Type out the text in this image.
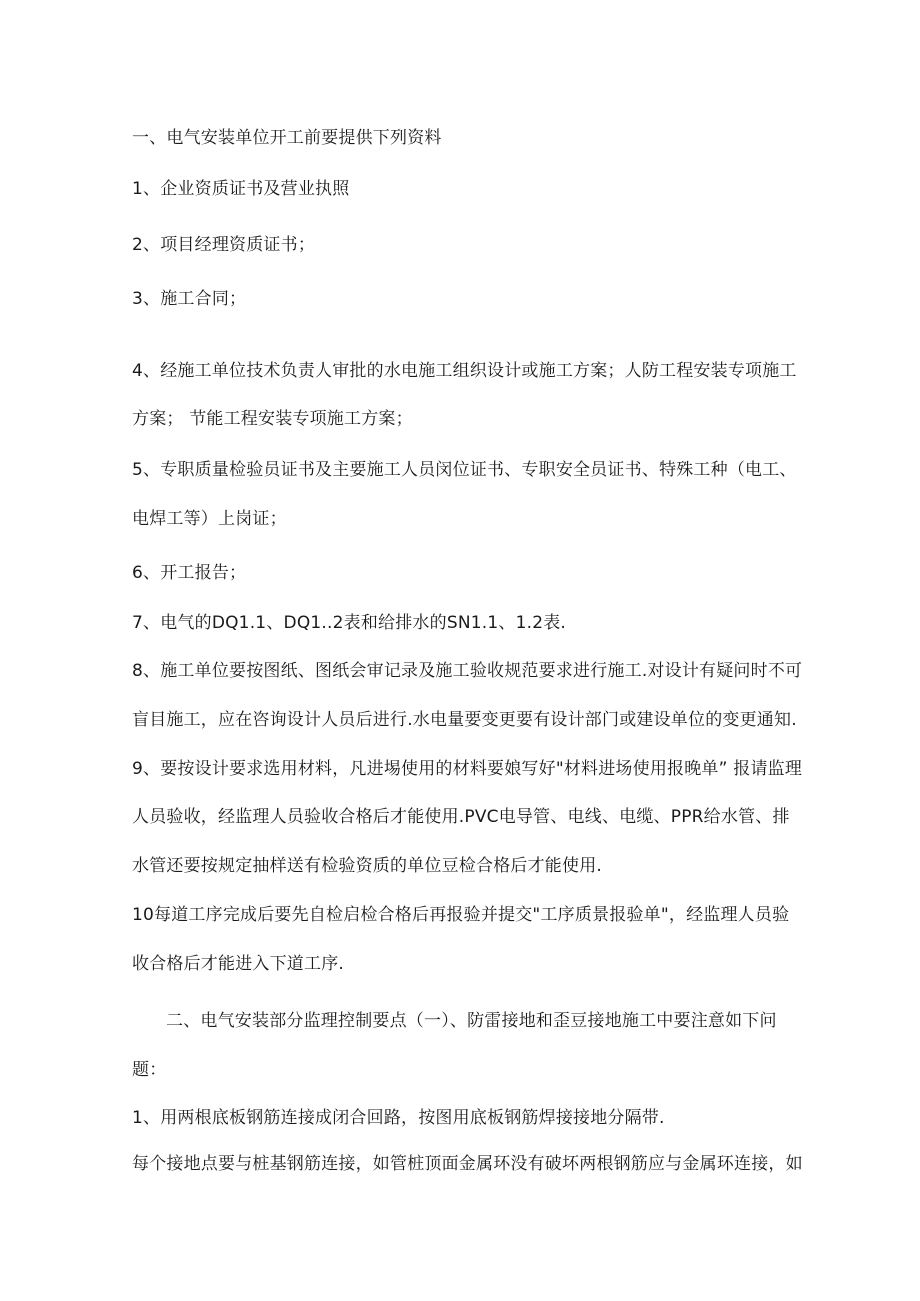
一、电气安装单位开工前要提供下列资料
1、企业资质证书及营业执照
2、项目经理资质证书；
3、施工合同；
4、经施工单位技术负责人审批的水电施工组织设计或施工方案；人防工程安装专项施工
方案； 节能工程安装专项施工方案；
5、专职质量检验员证书及主要施工人员闵位证书、专职安全员证书、特殊工种（电工、
电焊工等）上岗证；
6、开工报告；
7、电气的DQ1.1、DQ1..2表和给排水的SN1.1、1.2表.
8、施工单位要按图纸、图纸会审记录及施工验收规范要求进行施工.对设计有疑问时不可
盲目施工，应在咨询设计人员后进行.水电量要变更要有设计部门或建设单位的变更通知.
9、要按设计要求选用材料，凡进埸使用的材料要娘写好"材料进场使用报晚单” 报请监理
人员验收，经监理人员验收合格后才能使用.PVC电导管、电线、电缆、PPR给水管、排
水管还要按规定抽样送有检验资质的单位豆检合格后才能使用.
10每道工序完成后要先自检启检合格后再报验并提交"工序质景报验单"，经监理人员验
收合格后才能进入下道工序.
二、电气安装部分监理控制要点（一）、防雷接地和歪豆接地施工中要注意如下问
题：
1、用两根底板钢筋连接成闭合回路，按图用底板钢筋焊接接地分隔带.
每个接地点要与桩基钢筋连接，如管桩顶面金属环没有破坏两根钢筋应与金属环连接，如
